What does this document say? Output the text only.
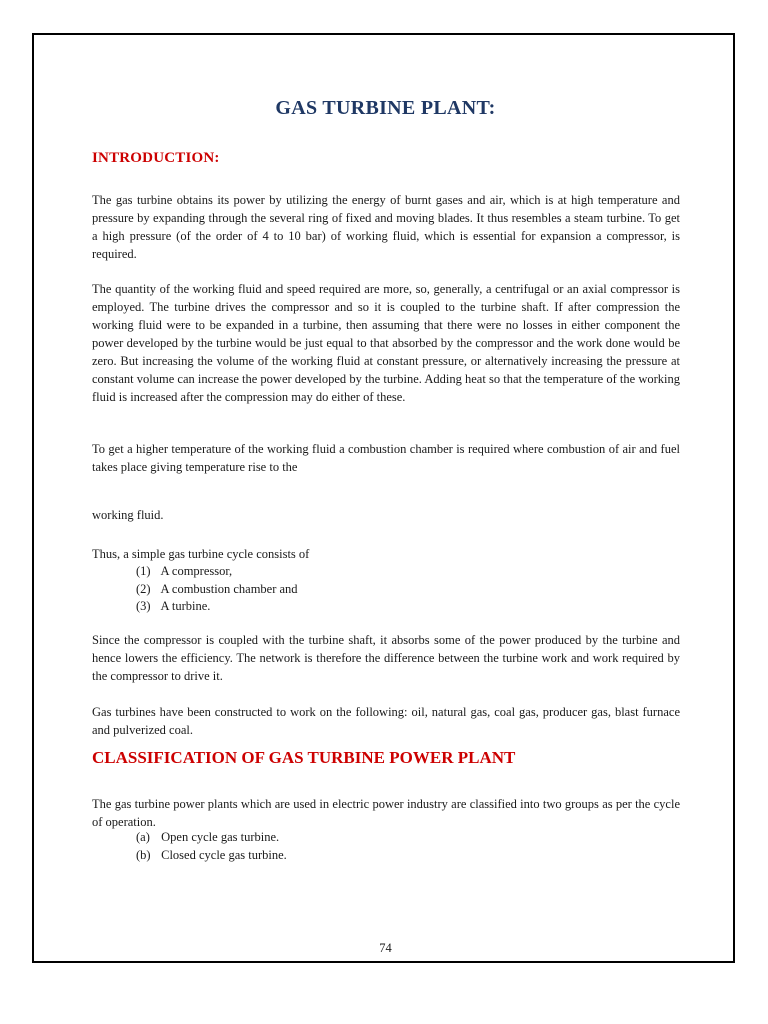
GAS TURBINE PLANT:
INTRODUCTION:

The gas turbine obtains its power by utilizing the energy of burnt gases and air, which is at high temperature and pressure by expanding through the several ring of fixed and moving blades. It thus resembles a steam turbine. To get a high pressure (of the order of 4 to 10 bar) of working fluid, which is essential for expansion a compressor, is required.

The quantity of the working fluid and speed required are more, so, generally, a centrifugal or an axial compressor is employed. The turbine drives the compressor and so it is coupled to the turbine shaft. If after compression the working fluid were to be expanded in a turbine, then assuming that there were no losses in either component the power developed by the turbine would be just equal to that absorbed by the compressor and the work done would be zero. But increasing the volume of the working fluid at constant pressure, or alternatively increasing the pressure at constant volume can increase the power developed by the turbine. Adding heat so that the temperature of the working fluid is increased after the compression may do either of these.

To get a higher temperature of the working fluid a combustion chamber is required where combustion of air and fuel takes place giving temperature rise to the

working fluid.

Thus, a simple gas turbine cycle consists of

(1) A compressor,
(2) A combustion chamber and
(3) A turbine.

Since the compressor is coupled with the turbine shaft, it absorbs some of the power produced by the turbine and hence lowers the efficiency. The network is therefore the difference between the turbine work and work required by the compressor to drive it.

Gas turbines have been constructed to work on the following: oil, natural gas, coal gas, producer gas, blast furnace and pulverized coal.

CLASSIFICATION OF GAS TURBINE POWER PLANT

The gas turbine power plants which are used in electric power industry are classified into two groups as per the cycle of operation.

(a) Open cycle gas turbine.
(b) Closed cycle gas turbine.

74
